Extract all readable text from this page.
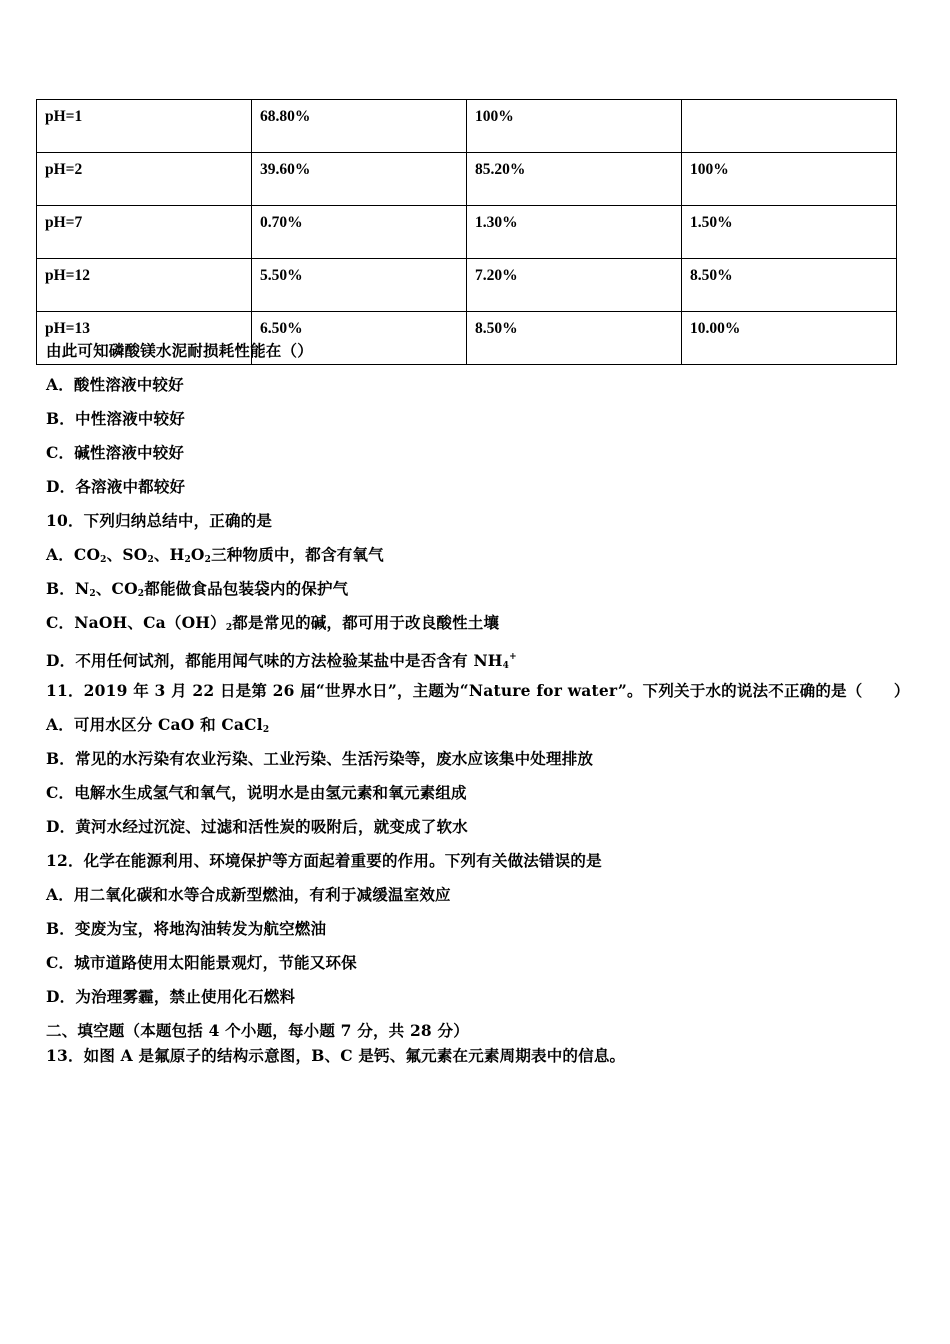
pH=1	68.80%	100%	
pH=2	39.60%	85.20%	100%
pH=7	0.70%	1.30%	1.50%
pH=12	5.50%	7.20%	8.50%
pH=13	6.50%	8.50%	10.00%
由此可知磷酸镁水泥耐损耗性能在（）
A．酸性溶液中较好
B．中性溶液中较好
C．碱性溶液中较好
D．各溶液中都较好
10．下列归纳总结中，正确的是
A．$CO_2$、$SO_2$、$H_2O_2$三种物质中，都含有氧气
B．$N_2$、$CO_2$都能做食品包装袋内的保护气
C．NaOH、$Ca(OH)_2$都是常见的碱，都可用于改良酸性土壤
D．不用任何试剂，都能用闻气味的方法检验某盐中是否含有 $NH_4^+$
11．2019 年 3 月 22 日是第 26 届“世界水日”，主题为“Nature for water”。下列关于水的说法不正确的是（　　）
A．可用水区分 CaO 和 CaCl$_2$
B．常见的水污染有农业污染、工业污染、生活污染等，废水应该集中处理排放
C．电解水生成氢气和氧气，说明水是由氢元素和氧元素组成
D．黄河水经过沉淀、过滤和活性炭的吸附后，就变成了软水
12．化学在能源利用、环境保护等方面起着重要的作用。下列有关做法错误的是
A．用二氧化碳和水等合成新型燃油，有利于减缓温室效应
B．变废为宝，将地沟油转发为航空燃油
C．城市道路使用太阳能景观灯，节能又环保
D．为治理雾霾，禁止使用化石燃料
二、填空题（本题包括 4 个小题，每小题 7 分，共 28 分）
13．如图 A 是氟原子的结构示意图，B、C 是钙、氟元素在元素周期表中的信息。
